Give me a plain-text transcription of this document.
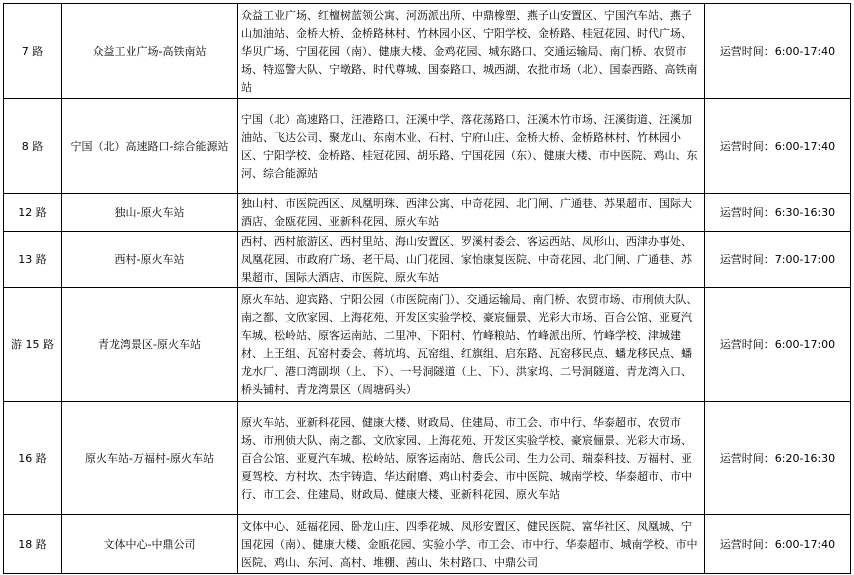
7 路	众益工业广场-高铁南站	众益工业广场、红檀树蓝领公寓、河沥派出所、中鼎橡塑、燕子山安置区、宁国汽车站、燕子山加油站、金桥大桥、金桥路林村、竹林园小区、宁阳学校、金桥路、桂冠花园、时代广场、华贝广场、宁国花园（南）、健康大楼、金鸡花园、城东路口、交通运输局、南门桥、农贸市场、特巡警大队、宁墩路、时代尊城、国泰路口、城西湖、农批市场（北）、国泰西路、高铁南站	运营时间：6:00-17:40
8 路	宁国（北）高速路口-综合能源站	宁国（北）高速路口、汪港路口、汪溪中学、落花荡路口、汪溪木竹市场、汪溪街道、汪溪加油站、飞达公司、聚龙山、东南木业、石村、宁府山庄、金桥大桥、金桥路林村、竹林园小区、宁阳学校、金桥路、桂冠花园、胡乐路、宁国花园（东）、健康大楼、市中医院、鸡山、东河、综合能源站	运营时间：6:00-17:40
12 路	独山-原火车站	独山村、市医院西区、凤凰明珠、西津公寓、中奇花园、北门闸、广通巷、苏果超市、国际大酒店、金瓯花园、亚新科花园、原火车站	运营时间：6:30-16:30
13 路	西村-原火车站	西村、西村旅游区、西村里站、海山安置区、罗溪村委会、客运西站、凤形山、西津办事处、凤凰花园、市政府广场、老干局、山门花园、家怡康复医院、中奇花园、北门闸、广通巷、苏果超市、国际大酒店、市医院、原火车站	运营时间：7:00-17:00
游 15 路	青龙湾景区-原火车站	原火车站、迎宾路、宁阳公园（市医院南门）、交通运输局、南门桥、农贸市场、市刑侦大队、南之都、文欣家园、上海花苑、开发区实验学校、豪宸俪景、光彩大市场、百合公馆、亚夏汽车城、松岭站、原客运南站、二里冲、下阳村、竹峰粮站、竹峰派出所、竹峰学校、津城建材、上王组、瓦窑村委会、蒋坑坞、瓦窑组、红旗组、启东路、瓦窑移民点、蟠龙移民点、蟠龙水厂、港口湾副坝（上、下）、一号洞隧道（上、下）、洪家坞、二号洞隧道、青龙湾入口、桥头铺村、青龙湾景区（周塘码头）	运营时间：6:00-17:00
16 路	原火车站-万福村-原火车站	原火车站、亚新科花园、健康大楼、财政局、住建局、市工会、市中行、华泰超市、农贸市场、市刑侦大队、南之都、文欣家园、上海花苑、开发区实验学校、豪宸俪景、光彩大市场、百合公馆、亚夏汽车城、松岭站、原客运南站、詹氏公司、生力公司、瑞泰科技、万福村、亚夏驾校、方村坎、杰宇铸造、华达耐磨、鸡山村委会、市中医院、城南学校、华泰超市、市中行、市工会、住建局、财政局、健康大楼、亚新科花园、原火车站	运营时间：6:20-16:30
18 路	文体中心-中鼎公司	文体中心、延福花园、卧龙山庄、四季花城、凤形安置区、健民医院、富华社区、凤凰城、宁国花园（南）、健康大楼、金瓯花园、实验小学、市工会、市中行、华泰超市、城南学校、市中医院、鸡山、东河、高村、堆棚、茜山、朱村路口、中鼎公司	运营时间：6:00-17:40
